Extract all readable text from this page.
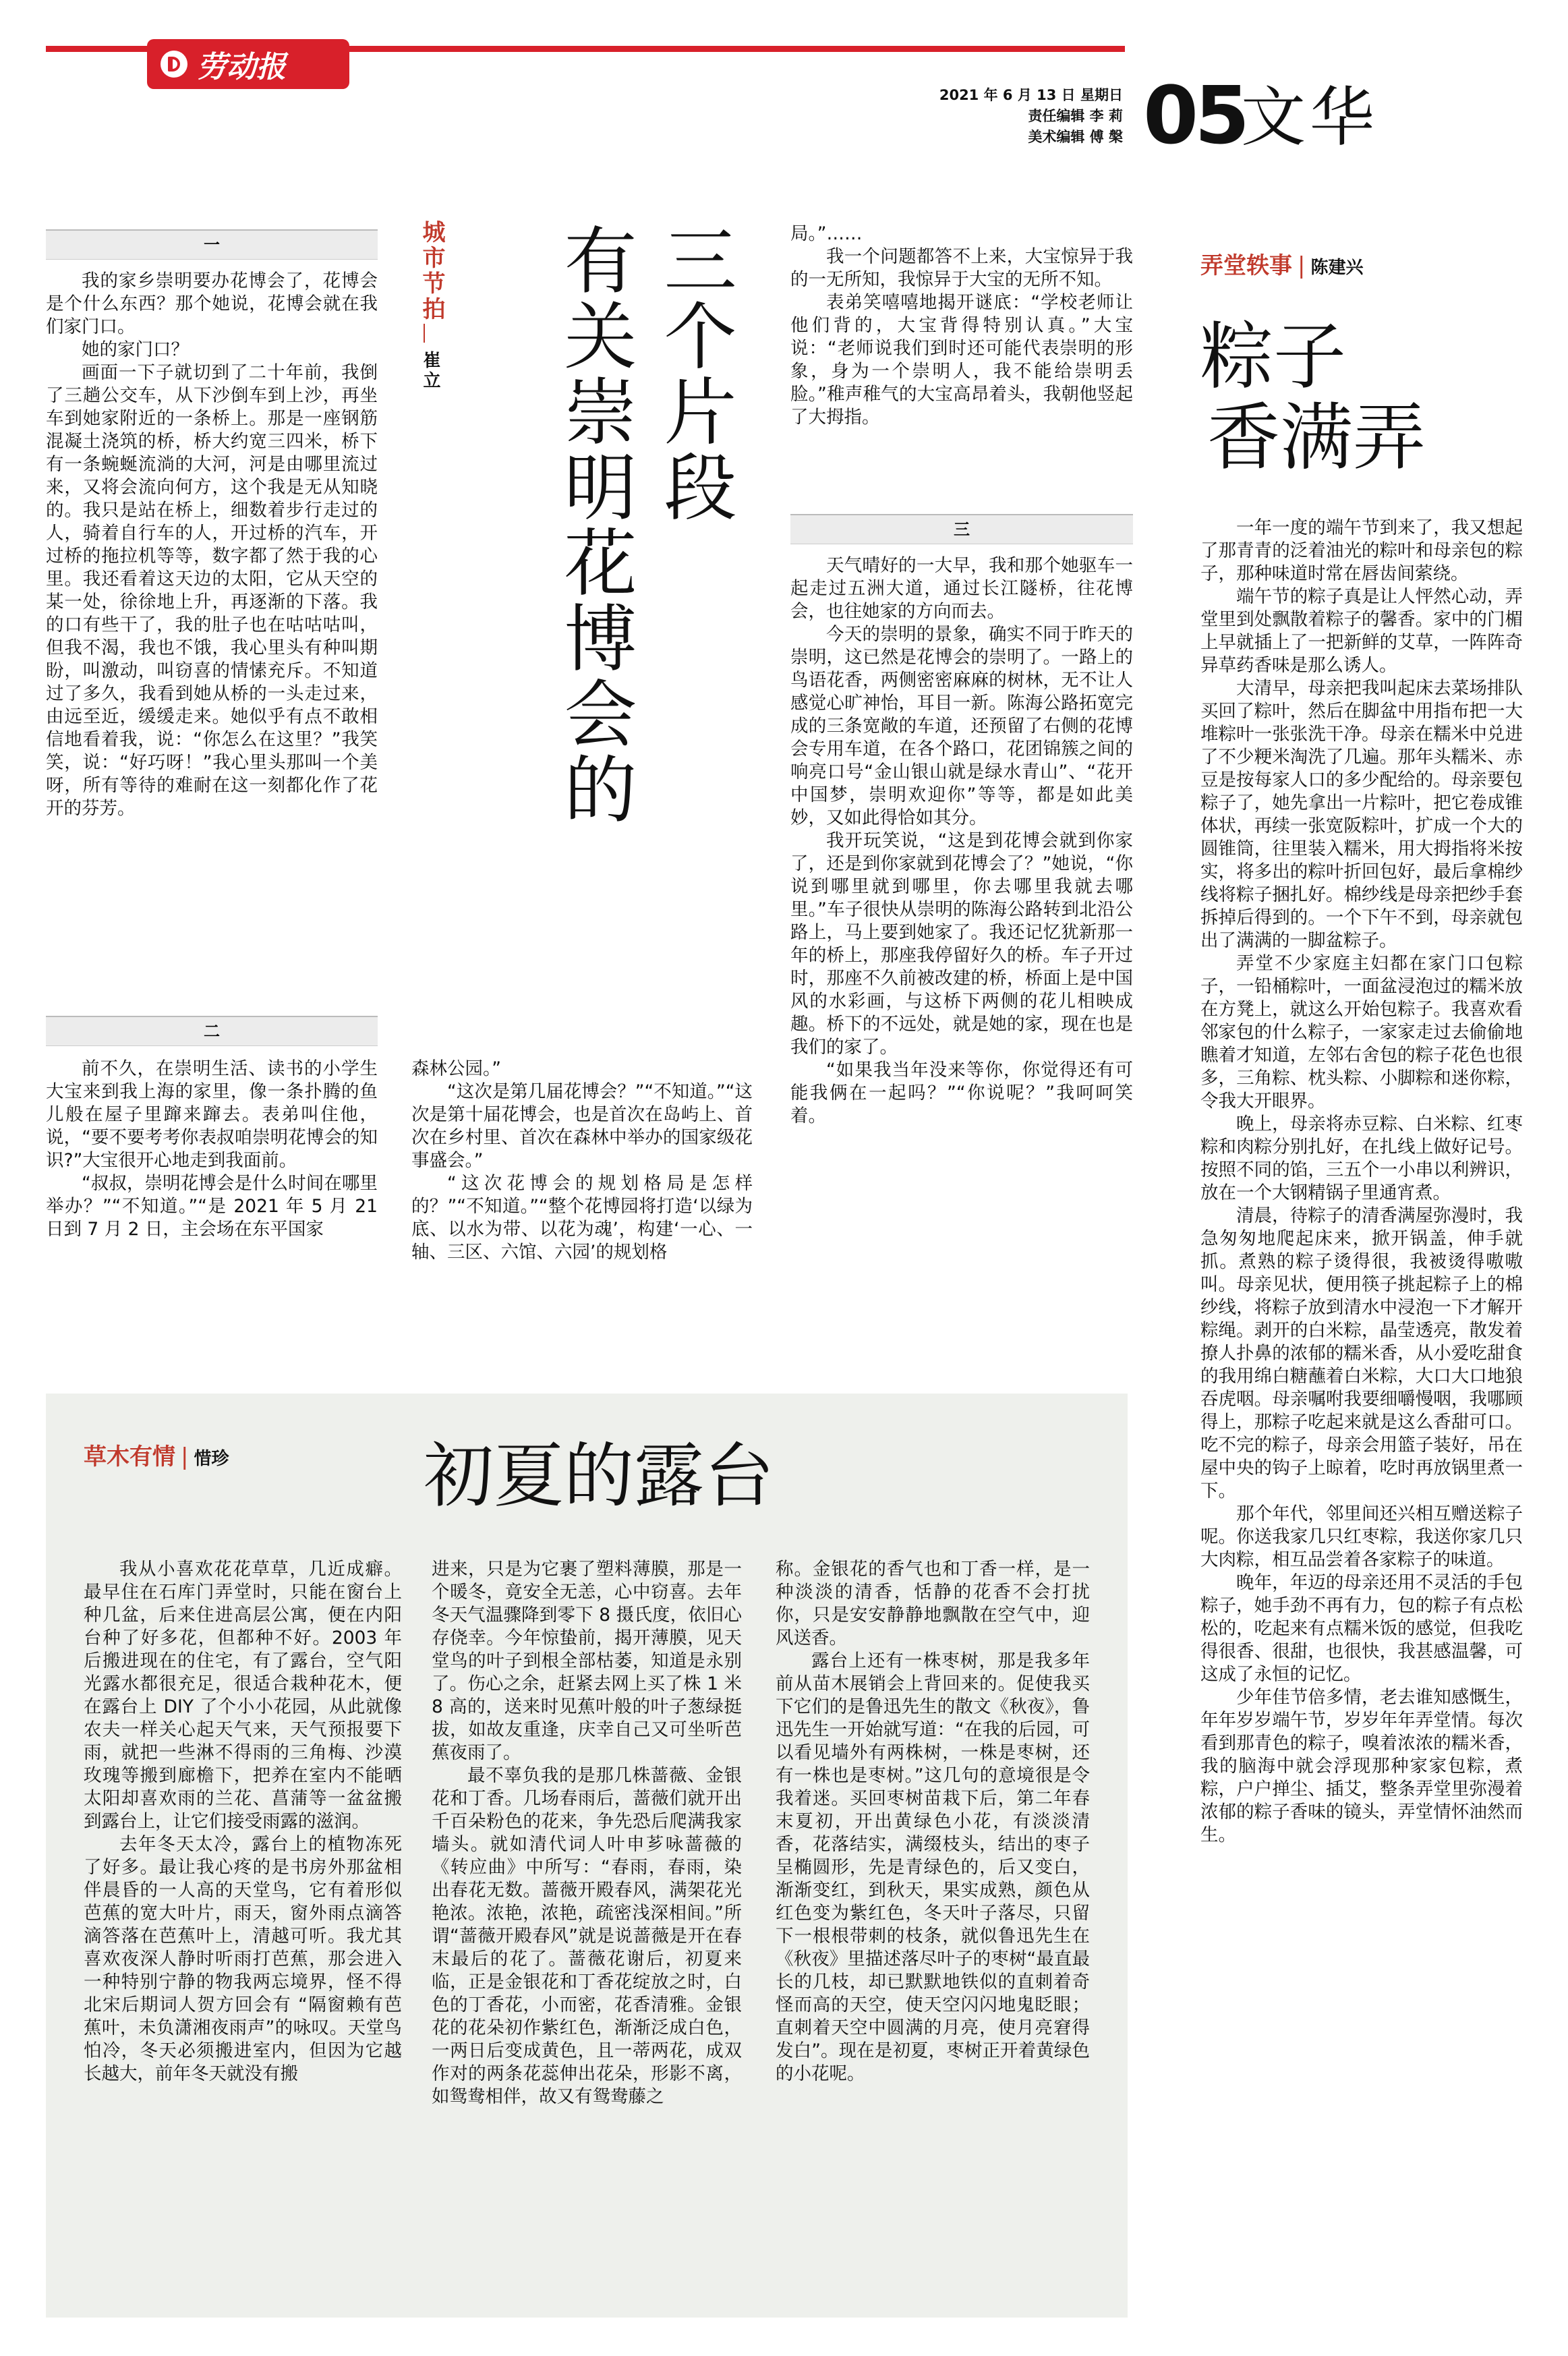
劳动报
2021 年 6 月 13 日 星期日
责任编辑 李 莉
美术编辑 傅 槃 05
文华
一

我的家乡崇明要办花博会了，花博会是个什么东西？那个她说，花博会就在我们家门口。

她的家门口？

画面一下子就切到了二十年前，我倒了三趟公交车，从下沙倒车到上沙，再坐车到她家附近的一条桥上。那是一座钢筋混凝土浇筑的桥，桥大约宽三四米，桥下有一条蜿蜒流淌的大河，河是由哪里流过来，又将会流向何方，这个我是无从知晓的。我只是站在桥上，细数着步行走过的人，骑着自行车的人，开过桥的汽车，开过桥的拖拉机等等，数字都了然于我的心里。我还看着这天边的太阳，它从天空的某一处，徐徐地上升，再逐渐的下落。我的口有些干了，我的肚子也在咕咕咕叫，但我不渴，我也不饿，我心里头有种叫期盼，叫激动，叫窃喜的情愫充斥。不知道过了多久，我看到她从桥的一头走过来，由远至近，缓缓走来。她似乎有点不敢相信地看着我，说：“你怎么在这里？”我笑笑，说：“好巧呀！”我心里头那叫一个美呀，所有等待的难耐在这一刻都化作了花开的芬芳。

二

前不久，在崇明生活、读书的小学生大宝来到我上海的家里，像一条扑腾的鱼儿般在屋子里蹿来蹿去。表弟叫住他，说，“要不要考考你表叔咱崇明花博会的知识?”大宝很开心地走到我面前。

“叔叔，崇明花博会是什么时间在哪里举办？”“不知道。”“是 2021 年 5 月 21 日到 7 月 2 日，主会场在东平国家

城市节拍
崔立	三个片段
有关崇明花博会的

森林公园。”

“这次是第几届花博会？”“不知道。”“这次是第十届花博会，也是首次在岛屿上、首次在乡村里、首次在森林中举办的国家级花事盛会。”

“这次花博会的规划格局是怎样的？”“不知道。”“整个花博园将打造‘以绿为底、以水为带、以花为魂’，构建‘一心、一轴、三区、六馆、六园’的规划格

局。”……

我一个问题都答不上来，大宝惊异于我的一无所知，我惊异于大宝的无所不知。

表弟笑嘻嘻地揭开谜底：“学校老师让他们背的，大宝背得特别认真。”大宝说：“老师说我们到时还可能代表崇明的形象，身为一个崇明人，我不能给崇明丢脸。”稚声稚气的大宝高昂着头，我朝他竖起了大拇指。

三

天气晴好的一大早，我和那个她驱车一起走过五洲大道，通过长江隧桥，往花博会，也往她家的方向而去。

今天的崇明的景象，确实不同于昨天的崇明，这已然是花博会的崇明了。一路上的鸟语花香，两侧密密麻麻的树林，无不让人感觉心旷神怡，耳目一新。陈海公路拓宽完成的三条宽敞的车道，还预留了右侧的花博会专用车道，在各个路口，花团锦簇之间的响亮口号“金山银山就是绿水青山”、“花开中国梦，崇明欢迎你”等等，都是如此美妙，又如此得恰如其分。

我开玩笑说，“这是到花博会就到你家了，还是到你家就到花博会了？”她说，“你说到哪里就到哪里，你去哪里我就去哪里。”车子很快从崇明的陈海公路转到北沿公路上，马上要到她家了。我还记忆犹新那一年的桥上，那座我停留好久的桥。车子开过时，那座不久前被改建的桥，桥面上是中国风的水彩画，与这桥下两侧的花儿相映成趣。桥下的不远处，就是她的家，现在也是我们的家了。

“如果我当年没来等你，你觉得还有可能我俩在一起吗？”“你说呢？”我呵呵笑着。

弄堂轶事 | 陈建兴
粽子
香满弄

一年一度的端午节到来了，我又想起了那青青的泛着油光的粽叶和母亲包的粽子，那种味道时常在唇齿间萦绕。

端午节的粽子真是让人怦然心动，弄堂里到处飘散着粽子的馨香。家中的门楣上早就插上了一把新鲜的艾草，一阵阵奇异草药香味是那么诱人。

大清早，母亲把我叫起床去菜场排队买回了粽叶，然后在脚盆中用指布把一大堆粽叶一张张洗干净。母亲在糯米中兑进了不少粳米淘洗了几遍。那年头糯米、赤豆是按每家人口的多少配给的。母亲要包粽子了，她先拿出一片粽叶，把它卷成锥体状，再续一张宽阪粽叶，扩成一个大的圆锥筒，往里装入糯米，用大拇指将米按实，将多出的粽叶折回包好，最后拿棉纱线将粽子捆扎好。棉纱线是母亲把纱手套拆掉后得到的。一个下午不到，母亲就包出了满满的一脚盆粽子。

弄堂不少家庭主妇都在家门口包粽子，一铅桶粽叶，一面盆浸泡过的糯米放在方凳上，就这么开始包粽子。我喜欢看邻家包的什么粽子，一家家走过去偷偷地瞧着才知道，左邻右舍包的粽子花色也很多，三角粽、枕头粽、小脚粽和迷你粽，令我大开眼界。

晚上，母亲将赤豆粽、白米粽、红枣粽和肉粽分别扎好，在扎线上做好记号。按照不同的馅，三五个一小串以利辨识，放在一个大钢精锅子里通宵煮。

清晨，待粽子的清香满屋弥漫时，我急匆匆地爬起床来，掀开锅盖，伸手就抓。煮熟的粽子烫得很，我被烫得嗷嗷叫。母亲见状，便用筷子挑起粽子上的棉纱线，将粽子放到清水中浸泡一下才解开粽绳。剥开的白米粽，晶莹透亮，散发着撩人扑鼻的浓郁的糯米香，从小爱吃甜食的我用绵白糖蘸着白米粽，大口大口地狼吞虎咽。母亲嘱咐我要细嚼慢咽，我哪顾得上，那粽子吃起来就是这么香甜可口。吃不完的粽子，母亲会用篮子装好，吊在屋中央的钩子上晾着，吃时再放锅里煮一下。

那个年代，邻里间还兴相互赠送粽子呢。你送我家几只红枣粽，我送你家几只大肉粽，相互品尝着各家粽子的味道。

晚年，年迈的母亲还用不灵活的手包粽子，她手劲不再有力，包的粽子有点松松的，吃起来有点糯米饭的感觉，但我吃得很香、很甜，也很快，我甚感温馨，可这成了永恒的记忆。

少年佳节倍多情，老去谁知感慨生，年年岁岁端午节，岁岁年年弄堂情。每次看到那青色的粽子，嗅着浓浓的糯米香，我的脑海中就会浮现那种家家包粽，煮粽，户户掸尘、插艾，整条弄堂里弥漫着浓郁的粽子香味的镜头，弄堂情怀油然而生。

草木有情 | 惜珍	初夏的露台

我从小喜欢花花草草，几近成癖。最早住在石库门弄堂时，只能在窗台上种几盆，后来住进高层公寓，便在内阳台种了好多花，但都种不好。2003 年后搬进现在的住宅，有了露台，空气阳光露水都很充足，很适合栽种花木，便在露台上 DIY 了个小小花园，从此就像农夫一样关心起天气来，天气预报要下雨，就把一些淋不得雨的三角梅、沙漠玫瑰等搬到廊檐下，把养在室内不能晒太阳却喜欢雨的兰花、菖蒲等一盆盆搬到露台上，让它们接受雨露的滋润。

去年冬天太冷，露台上的植物冻死了好多。最让我心疼的是书房外那盆相伴晨昏的一人高的天堂鸟，它有着形似芭蕉的宽大叶片，雨天，窗外雨点滴答滴答落在芭蕉叶上，清越可听。我尤其喜欢夜深人静时听雨打芭蕉，那会进入一种特别宁静的物我两忘境界，怪不得北宋后期词人贺方回会有 “隔窗赖有芭蕉叶，未负潇湘夜雨声”的咏叹。天堂鸟怕冷，冬天必须搬进室内，但因为它越长越大，前年冬天就没有搬

进来，只是为它裹了塑料薄膜，那是一个暖冬，竟安全无恙，心中窃喜。去年冬天气温骤降到零下 8 摄氏度，依旧心存侥幸。今年惊蛰前，揭开薄膜，见天堂鸟的叶子到根全部枯萎，知道是永别了。伤心之余，赶紧去网上买了株 1 米 8 高的，送来时见蕉叶般的叶子葱绿挺拔，如故友重逢，庆幸自己又可坐听芭蕉夜雨了。

最不辜负我的是那几株蔷薇、金银花和丁香。几场春雨后，蔷薇们就开出千百朵粉色的花来，争先恐后爬满我家墙头。就如清代词人叶申芗咏蔷薇的《转应曲》中所写：“春雨，春雨，染出春花无数。蔷薇开殿春风，满架花光艳浓。浓艳，浓艳，疏密浅深相间。”所谓“蔷薇开殿春风”就是说蔷薇是开在春末最后的花了。蔷薇花谢后，初夏来临，正是金银花和丁香花绽放之时，白色的丁香花，小而密，花香清雅。金银花的花朵初作紫红色，渐渐泛成白色，一两日后变成黄色，且一蒂两花，成双作对的两条花蕊伸出花朵，形影不离，如鸳鸯相伴，故又有鸳鸯藤之

称。金银花的香气也和丁香一样，是一种淡淡的清香，恬静的花香不会打扰你，只是安安静静地飘散在空气中，迎风送香。

露台上还有一株枣树，那是我多年前从苗木展销会上背回来的。促使我买下它们的是鲁迅先生的散文《秋夜》，鲁迅先生一开始就写道：“在我的后园，可以看见墙外有两株树，一株是枣树，还有一株也是枣树。”这几句的意境很是令我着迷。买回枣树苗栽下后，第二年春末夏初，开出黄绿色小花，有淡淡清香，花落结实，满缀枝头，结出的枣子呈椭圆形，先是青绿色的，后又变白，渐渐变红，到秋天，果实成熟，颜色从红色变为紫红色，冬天叶子落尽，只留下一根根带刺的枝条，就似鲁迅先生在《秋夜》里描述落尽叶子的枣树“最直最长的几枝，却已默默地铁似的直刺着奇怪而高的天空，使天空闪闪地鬼眨眼；直刺着天空中圆满的月亮，使月亮窘得发白”。现在是初夏，枣树正开着黄绿色的小花呢。
